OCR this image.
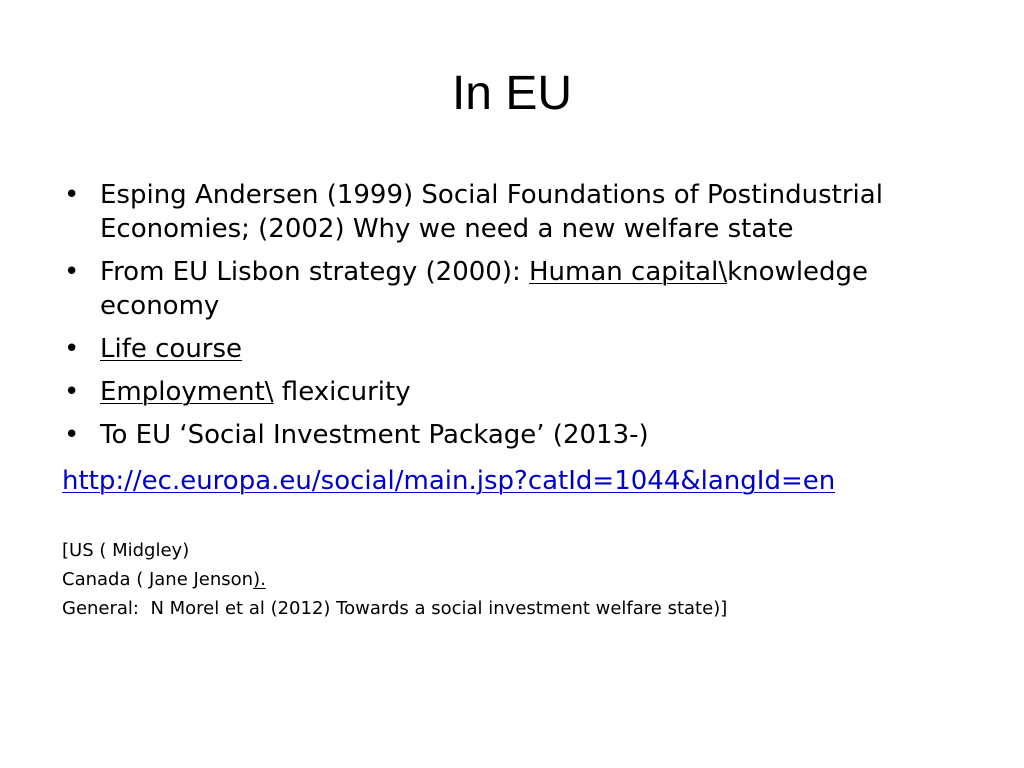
In EU
• Esping Andersen (1999) Social Foundations of Postindustrial Economies; (2002) Why we need a new welfare state
• From EU Lisbon strategy (2000): Human capital\knowledge economy
• Life course
• Employment\ flexicurity
• To EU ‘Social Investment Package’ (2013-)
http://ec.europa.eu/social/main.jsp?catId=1044&langId=en
[US ( Midgley)
Canada ( Jane Jenson).
General:  N Morel et al (2012) Towards a social investment welfare state)]
